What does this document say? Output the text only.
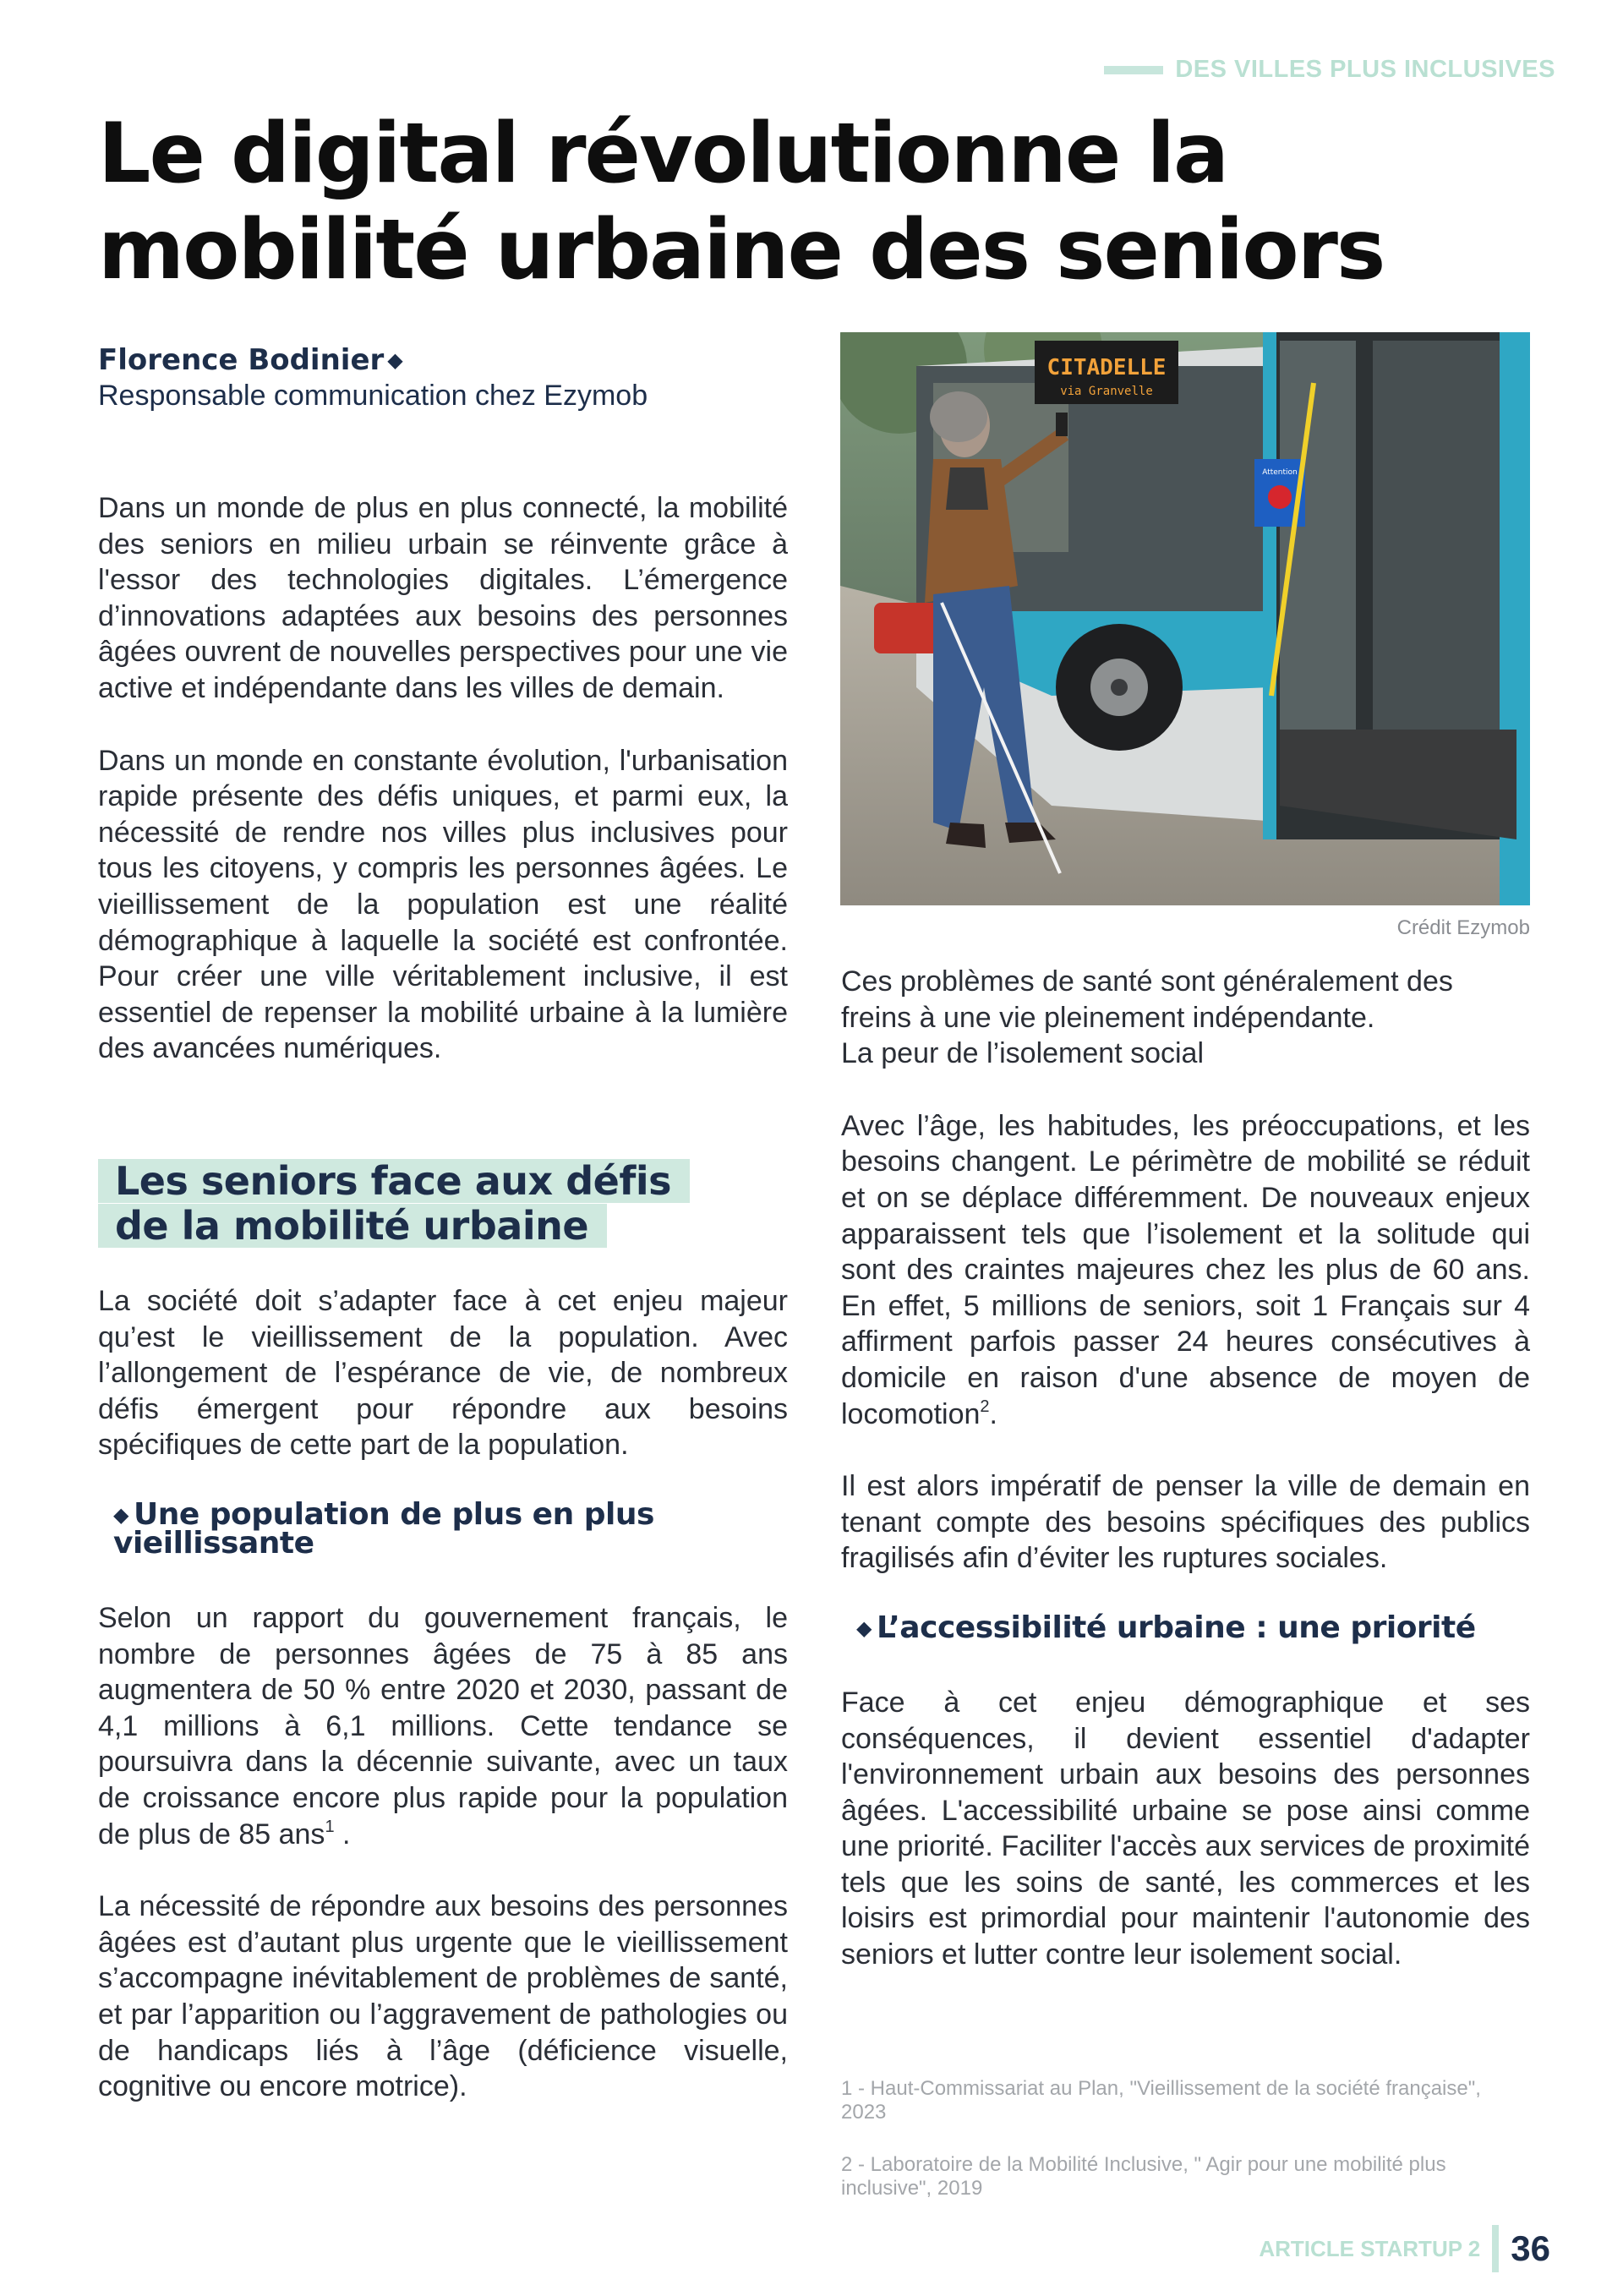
DES VILLES PLUS INCLUSIVES
Le digital révolutionne la mobilité urbaine des seniors

Florence Bodinier ◆

Responsable communication chez Ezymob

Dans un monde de plus en plus connecté, la mobilité des seniors en milieu urbain se réinvente grâce à l'essor des technologies digitales. L’émergence d’innovations adaptées aux besoins des personnes âgées ouvrent de nouvelles perspectives pour une vie active et indépendante dans les villes de demain.

Dans un monde en constante évolution, l'urbanisation rapide présente des défis uniques, et parmi eux, la nécessité de rendre nos villes plus inclusives pour tous les citoyens, y compris les personnes âgées. Le vieillissement de la population est une réalité démographique à laquelle la société est confrontée. Pour créer une ville véritablement inclusive, il est essentiel de repenser la mobilité urbaine à la lumière des avancées numériques.

Les seniors face aux défis
de la mobilité urbaine

La société doit s’adapter face à cet enjeu majeur qu’est le vieillissement de la population. Avec l’allongement de l’espérance de vie, de nombreux défis émergent pour répondre aux besoins spécifiques de cette part de la population.

◆ Une population de plus en plus vieillissante

Selon un rapport du gouvernement français, le nombre de personnes âgées de 75 à 85 ans augmentera de 50 % entre 2020 et 2030, passant de 4,1 millions à 6,1 millions. Cette tendance se poursuivra dans la décennie suivante, avec un taux de croissance encore plus rapide pour la population de plus de 85 ans$^1$ .

La nécessité de répondre aux besoins des personnes âgées est d’autant plus urgente que le vieillissement s’accompagne inévitablement de problèmes de santé, et par l’apparition ou l’aggravement de pathologies ou de handicaps liés à l’âge (déficience visuelle, cognitive ou encore motrice).

CITADELLE
via Granvelle
Attention
Crédit Ezymob

Ces problèmes de santé sont généralement des freins à une vie pleinement indépendante.

La peur de l’isolement social

Avec l’âge, les habitudes, les préoccupations, et les besoins changent. Le périmètre de mobilité se réduit et on se déplace différemment. De nouveaux enjeux apparaissent tels que l’isolement et la solitude qui sont des craintes majeures chez les plus de 60 ans. En effet, 5 millions de seniors, soit 1 Français sur 4 affirment parfois passer 24 heures consécutives à domicile en raison d'une absence de moyen de locomotion$^2$.

Il est alors impératif de penser la ville de demain en tenant compte des besoins spécifiques des publics fragilisés afin d’éviter les ruptures sociales.

◆ L’accessibilité urbaine : une priorité

Face à cet enjeu démographique et ses conséquences, il devient essentiel d'adapter l'environnement urbain aux besoins des personnes âgées. L'accessibilité urbaine se pose ainsi comme une priorité. Faciliter l'accès aux services de proximité tels que les soins de santé, les commerces et les loisirs est primordial pour maintenir l'autonomie des seniors et lutter contre leur isolement social.

1 - Haut-Commissariat au Plan, "Vieillissement de la société française", 2023
2 - Laboratoire de la Mobilité Inclusive, " Agir pour une mobilité plus inclusive", 2019
ARTICLE STARTUP 2 36
